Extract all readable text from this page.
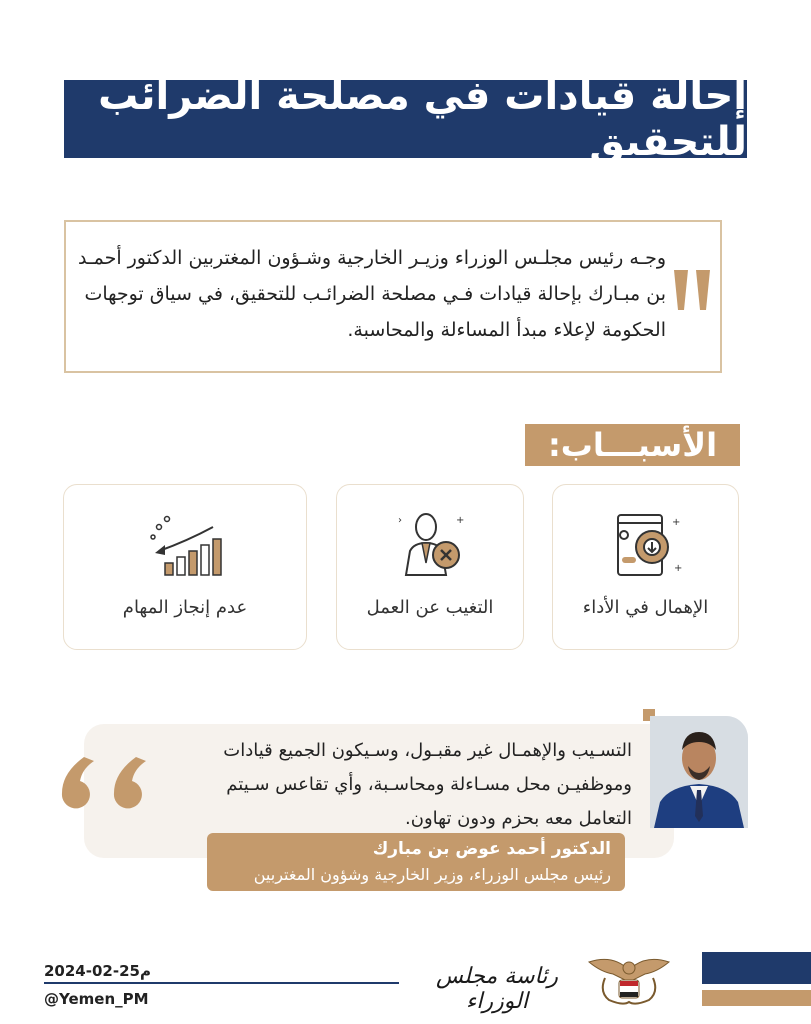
إحالة قيادات في مصلحة الضرائب للتحقيق
وجـه رئيس مجلـس الوزراء وزيـر الخارجية وشـؤون المغتربين الدكتور أحمـد بن مبـارك بإحالة قيادات فـي مصلحة الضرائـب للتحقيق، في سياق توجهات الحكومة لإعلاء مبدأ المساءلة والمحاسبة.
الأسبـــاب:
+
+
الإهمال في الأداء
›	+
التغيب عن العمل
عدم إنجاز المهام
التسـيب والإهمـال غير مقبـول، وسـيكون الجميع قيادات وموظفيـن محل مسـاءلة ومحاسـبة، وأي تقاعس سـيتم التعامل معه بحزم ودون تهاون.
الدكتور أحمد عوض بن مبارك
رئيس مجلس الوزراء، وزير الخارجية وشؤون المغتربين
2024-02-25م
@Yemen_PM
رئاسة مجلس الوزراء
